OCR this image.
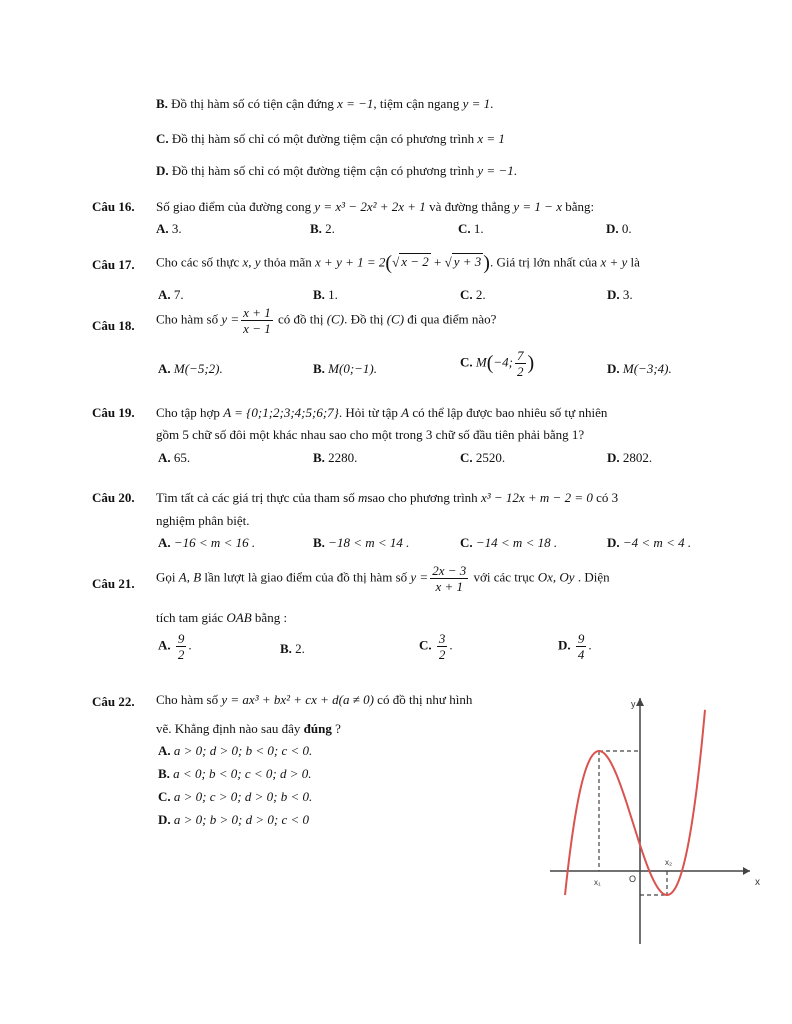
B. Đồ thị hàm số có tiện cận đứng x = −1, tiệm cận ngang y = 1.
C. Đồ thị hàm số chỉ có một đường tiệm cận có phương trình x = 1
D. Đồ thị hàm số chỉ có một đường tiệm cận có phương trình y = −1.
Câu 16. Số giao điểm của đường cong y = x³ − 2x² + 2x + 1 và đường thẳng y = 1 − x bằng:
A. 3.	B. 2.	C. 1.	D. 0.
Câu 17. Cho các số thực x, y thỏa mãn x + y + 1 = 2(√ x − 2 + √ y + 3 ). Giá trị lớn nhất của x + y là
A. 7.	B. 1.	C. 2.	D. 3.
Câu 18. Cho hàm số $y = \frac{x + 1}{x - 1}$ có đồ thị (C). Đồ thị (C) đi qua điểm nào?
A. M(−5;2).	B. M(0;−1).	C. M(−4; $\frac{7}{2}$ )	D. M(−3;4).
Câu 19. Cho tập hợp A = {0;1;2;3;4;5;6;7}. Hỏi từ tập A có thể lập được bao nhiêu số tự nhiên
gồm 5 chữ số đôi một khác nhau sao cho một trong 3 chữ số đầu tiên phải bằng 1?
A. 65.	B. 2280.	C. 2520.	D. 2802.
Câu 20. Tìm tất cả các giá trị thực của tham số msao cho phương trình x³ − 12x + m − 2 = 0 có 3
nghiệm phân biệt.
A. −16 < m < 16 .	B. −18 < m < 14 .	C. −14 < m < 18 .	D. −4 < m < 4 .
Câu 21. Gọi A, B lần lượt là giao điểm của đồ thị hàm số $y = \frac{2x - 3}{x + 1}$ với các trục Ox, Oy . Diện
tích tam giác OAB bằng :
A. $\frac{9}{2}$ .	B. 2.	C. $\frac{3}{2}$ .	D. $\frac{9}{4}$ .
Câu 22. Cho hàm số y = ax³ + bx² + cx + d(a ≠ 0) có đồ thị như hình
vẽ. Khẳng định nào sau đây đúng ?
A. a > 0; d > 0; b < 0; c < 0.
B. a < 0; b < 0; c < 0; d > 0.
C. a > 0; c > 0; d > 0; b < 0.
D. a > 0; b > 0; d > 0; c < 0
y
x
O
x₁
x₂
